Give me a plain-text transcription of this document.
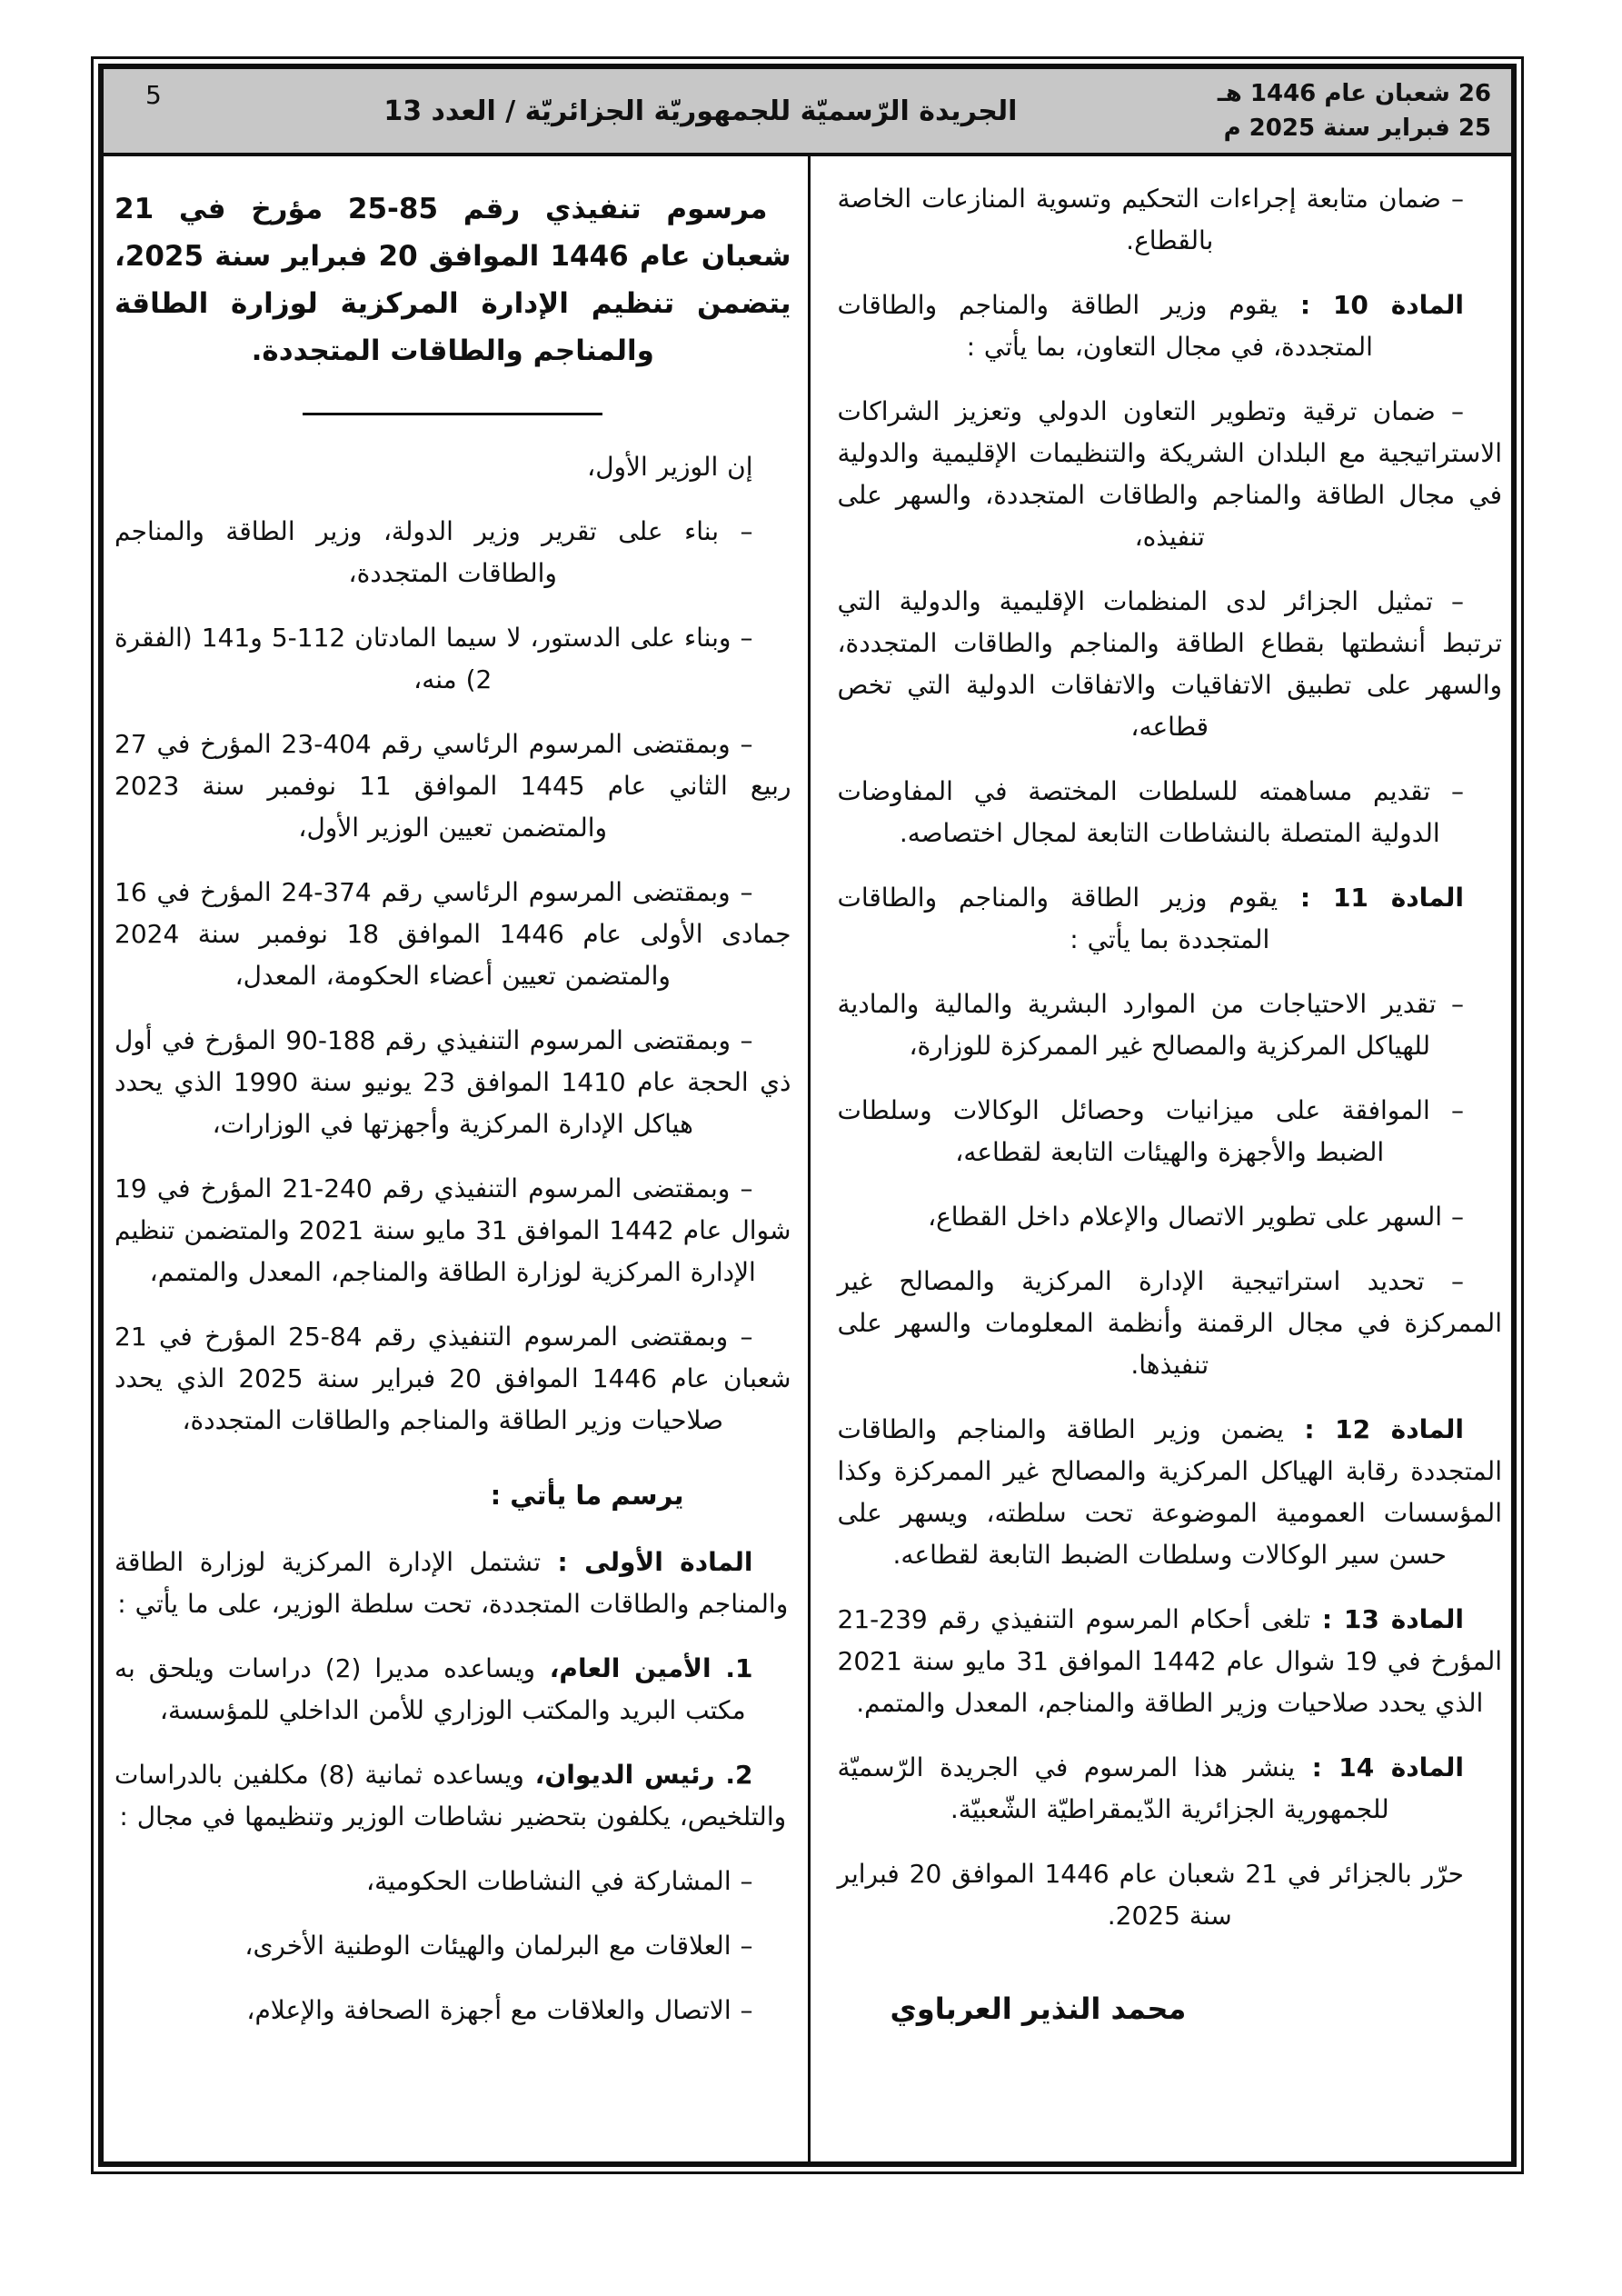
26 شعبان عام 1446 هـ
25 فبراير سنة 2025 م
الجريدة الرّسميّة للجمهوريّة الجزائريّة / العدد 13
5

– ضمان متابعة إجراءات التحكيم وتسوية المنازعات الخاصة بالقطاع.

المادة 10 : يقوم وزير الطاقة والمناجم والطاقات المتجددة، في مجال التعاون، بما يأتي :

– ضمان ترقية وتطوير التعاون الدولي وتعزيز الشراكات الاستراتيجية مع البلدان الشريكة والتنظيمات الإقليمية والدولية في مجال الطاقة والمناجم والطاقات المتجددة، والسهر على تنفيذه،

– تمثيل الجزائر لدى المنظمات الإقليمية والدولية التي ترتبط أنشطتها بقطاع الطاقة والمناجم والطاقات المتجددة، والسهر على تطبيق الاتفاقيات والاتفاقات الدولية التي تخص قطاعه،

– تقديم مساهمته للسلطات المختصة في المفاوضات الدولية المتصلة بالنشاطات التابعة لمجال اختصاصه.

المادة 11 : يقوم وزير الطاقة والمناجم والطاقات المتجددة بما يأتي :

– تقدير الاحتياجات من الموارد البشرية والمالية والمادية للهياكل المركزية والمصالح غير الممركزة للوزارة،

– الموافقة على ميزانيات وحصائل الوكالات وسلطات الضبط والأجهزة والهيئات التابعة لقطاعه،

– السهر على تطوير الاتصال والإعلام داخل القطاع،

– تحديد استراتيجية الإدارة المركزية والمصالح غير الممركزة في مجال الرقمنة وأنظمة المعلومات والسهر على تنفيذها.

المادة 12 : يضمن وزير الطاقة والمناجم والطاقات المتجددة رقابة الهياكل المركزية والمصالح غير الممركزة وكذا المؤسسات العمومية الموضوعة تحت سلطته، ويسهر على حسن سير الوكالات وسلطات الضبط التابعة لقطاعه.

المادة 13 : تلغى أحكام المرسوم التنفيذي رقم 239-21 المؤرخ في 19 شوال عام 1442 الموافق 31 مايو سنة 2021 الذي يحدد صلاحيات وزير الطاقة والمناجم، المعدل والمتمم.

المادة 14 : ينشر هذا المرسوم في الجريدة الرّسميّة للجمهورية الجزائرية الدّيمقراطيّة الشّعبيّة.

حرّر بالجزائر في 21 شعبان عام 1446 الموافق 20 فبراير سنة 2025.

محمد النذير العرباوي

مرسوم تنفيذي رقم 85-25 مؤرخ في 21 شعبان عام 1446 الموافق 20 فبراير سنة 2025، يتضمن تنظيم الإدارة المركزية لوزارة الطاقة والمناجم والطاقات المتجددة.

إن الوزير الأول،

– بناء على تقرير وزير الدولة، وزير الطاقة والمناجم والطاقات المتجددة،

– وبناء على الدستور، لا سيما المادتان 112-5 و141 (الفقرة 2) منه،

– وبمقتضى المرسوم الرئاسي رقم 404-23 المؤرخ في 27 ربيع الثاني عام 1445 الموافق 11 نوفمبر سنة 2023 والمتضمن تعيين الوزير الأول،

– وبمقتضى المرسوم الرئاسي رقم 374-24 المؤرخ في 16 جمادى الأولى عام 1446 الموافق 18 نوفمبر سنة 2024 والمتضمن تعيين أعضاء الحكومة، المعدل،

– وبمقتضى المرسوم التنفيذي رقم 188-90 المؤرخ في أول ذي الحجة عام 1410 الموافق 23 يونيو سنة 1990 الذي يحدد هياكل الإدارة المركزية وأجهزتها في الوزارات،

– وبمقتضى المرسوم التنفيذي رقم 240-21 المؤرخ في 19 شوال عام 1442 الموافق 31 مايو سنة 2021 والمتضمن تنظيم الإدارة المركزية لوزارة الطاقة والمناجم، المعدل والمتمم،

– وبمقتضى المرسوم التنفيذي رقم 84-25 المؤرخ في 21 شعبان عام 1446 الموافق 20 فبراير سنة 2025 الذي يحدد صلاحيات وزير الطاقة والمناجم والطاقات المتجددة،

يرسم ما يأتي :

المادة الأولى : تشتمل الإدارة المركزية لوزارة الطاقة والمناجم والطاقات المتجددة، تحت سلطة الوزير، على ما يأتي :

1. الأمين العام، ويساعده مديرا (2) دراسات ويلحق به مكتب البريد والمكتب الوزاري للأمن الداخلي للمؤسسة،

2. رئيس الديوان، ويساعده ثمانية (8) مكلفين بالدراسات والتلخيص، يكلفون بتحضير نشاطات الوزير وتنظيمها في مجال :

– المشاركة في النشاطات الحكومية،

– العلاقات مع البرلمان والهيئات الوطنية الأخرى،

– الاتصال والعلاقات مع أجهزة الصحافة والإعلام،
